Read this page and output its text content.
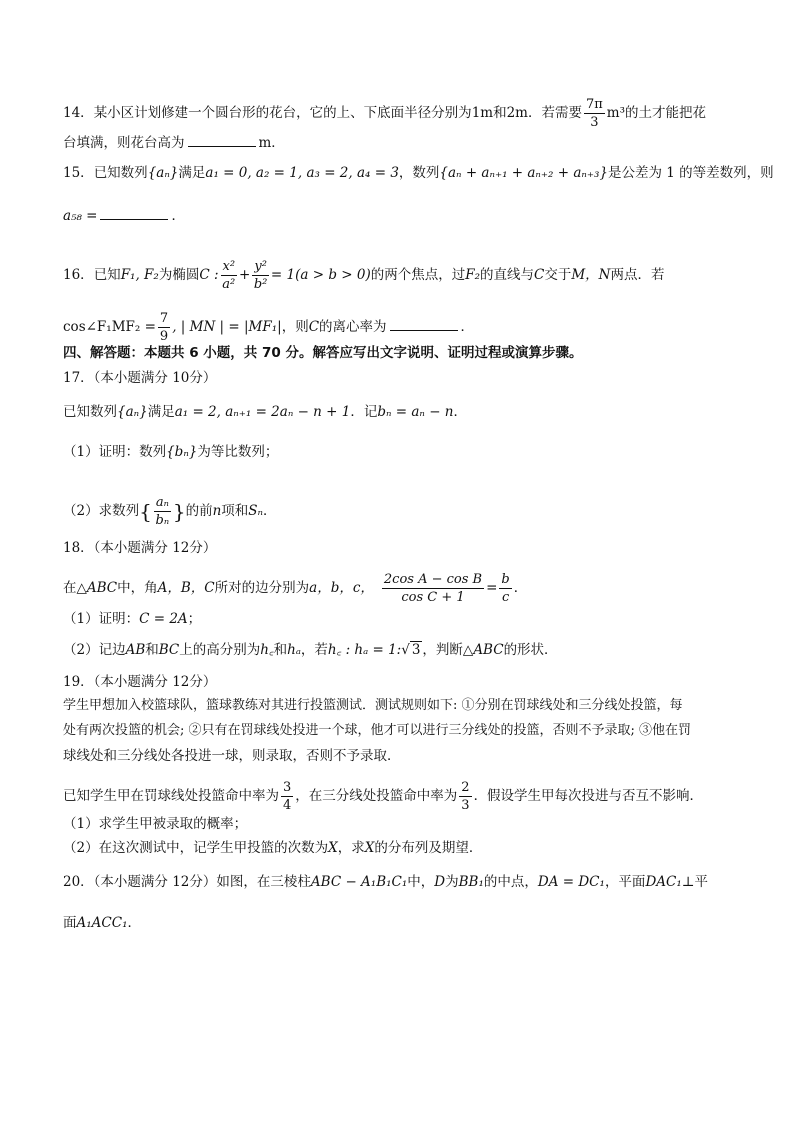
14．某小区计划修建一个圆台形的花台，它的上、下底面半径分别为1m和2m．若需要 $\frac{7\pi}{3} m^3$的土才能把花
台填满，则花台高为	m．
15．已知数列{aₙ}满足a₁ = 0, a₂ = 1, a₃ = 2, a₄ = 3，数列{aₙ + aₙ₊₁ + aₙ₊₂ + aₙ₊₃}是公差为 1 的等差数列，则
a₅₈ =	．
16．已知F₁, F₂为椭圆C : $\frac{\text{x²}}{\text{a²}} + \frac{\text{y²}}{\text{b²}} = 1(a > b > 0)$的两个焦点，过F₂的直线与C交于M，N两点．若
cos∠F₁MF₂ = $\frac{7}{9}$ , | MN | = |MF₁|，则C的离心率为	．
四、解答题：本题共 6 小题，共 70 分。解答应写出文字说明、证明过程或演算步骤。
17．（本小题满分 10分）
已知数列{aₙ}满足a₁ = 2, aₙ₊₁ = 2aₙ − n + 1．记bₙ = aₙ − n．
（1）证明：数列{bₙ}为等比数列；
（2）求数列{ $\frac{\text{aₙ}}{\text{bₙ}}$ }的前n项和Sₙ．
18．（本小题满分 12分）
在△ABC中，角A，B，C所对的边分别为a，b，c， $\frac{\text{2cos A − cos B}}{\text{cos C + 1}} = \frac{b}{c}$ ．
（1）证明：C = 2A；
（2）记边AB和BC上的高分别为h꜀和hₐ，若h꜀ : hₐ = 1:√ 3 ，判断△ABC的形状．
19．（本小题满分 12分）
学生甲想加入校篮球队，篮球教练对其进行投篮测试．测试规则如下: ①分别在罚球线处和三分线处投篮，每
处有两次投篮的机会; ②只有在罚球线处投进一个球，他才可以进行三分线处的投篮，否则不予录取; ③他在罚
球线处和三分线处各投进一球，则录取，否则不予录取．
已知学生甲在罚球线处投篮命中率为 $\frac{3}{4}$ ，在三分线处投篮命中率为 $\frac{2}{3}$ ．假设学生甲每次投进与否互不影响．
（1）求学生甲被录取的概率；
（2）在这次测试中，记学生甲投篮的次数为X，求X的分布列及期望．
20．（本小题满分 12分）如图，在三棱柱ABC − A₁B₁C₁中，D为BB₁的中点，DA = DC₁，平面DAC₁⊥平
面A₁ACC₁．
